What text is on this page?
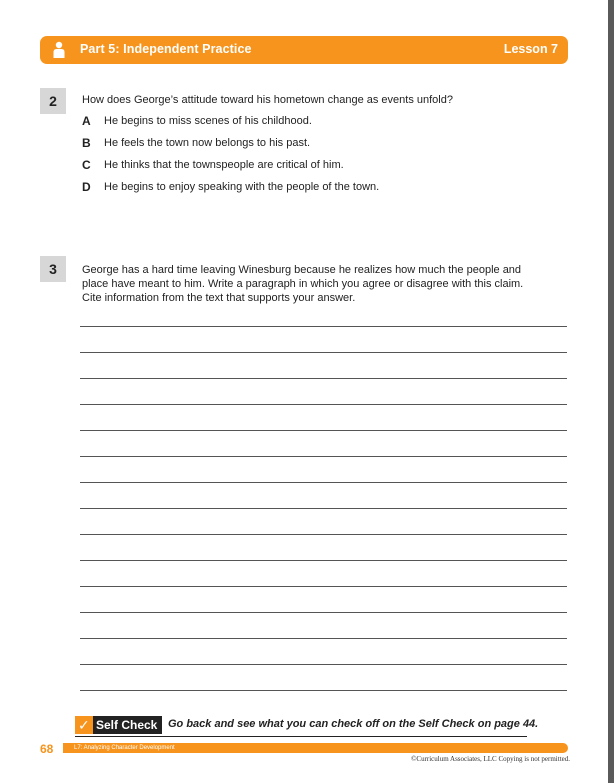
Part 5: Independent Practice	Lesson 7
2	How does George’s attitude toward his hometown change as events unfold?
A He begins to miss scenes of his childhood.
B He feels the town now belongs to his past.
C He thinks that the townspeople are critical of him.
D He begins to enjoy speaking with the people of the town.
3	George has a hard time leaving Winesburg because he realizes how much the people and
place have meant to him. Write a paragraph in which you agree or disagree with this claim.
Cite information from the text that supports your answer.
✓ Self Check Go back and see what you can check off on the Self Check on page 44.
68	L7: Analyzing Character Development
©Curriculum Associates, LLC Copying is not permitted.
